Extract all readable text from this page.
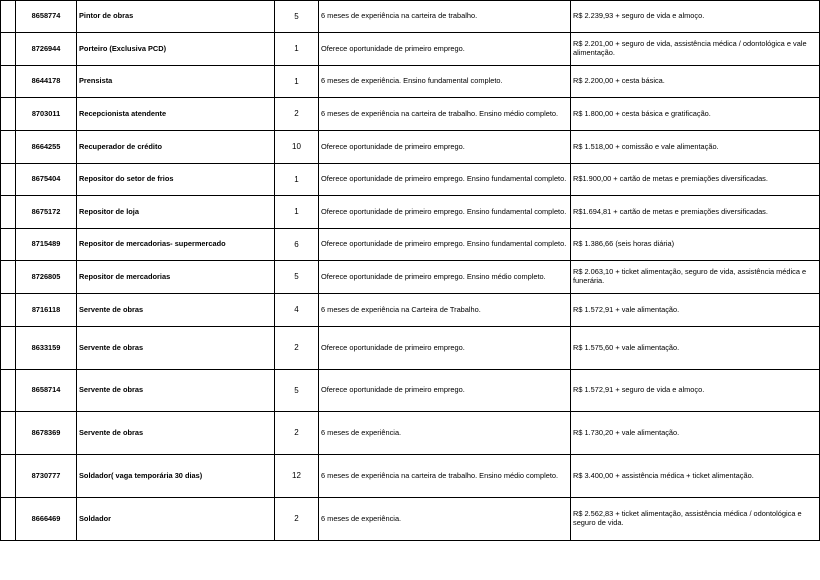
	8658774	Pintor de obras	5	6 meses de experiência na carteira de trabalho.	R$ 2.239,93 + seguro de vida e almoço.
	8726944	Porteiro (Exclusiva PCD)	1	Oferece oportunidade de primeiro emprego.	R$ 2.201,00 + seguro de vida, assistência médica / odontológica e vale alimentação.
	8644178	Prensista	1	6 meses de experiência. Ensino fundamental completo.	R$ 2.200,00 + cesta básica.
	8703011	Recepcionista atendente	2	6 meses de experiência na carteira de trabalho. Ensino médio completo.	R$ 1.800,00 + cesta básica e gratificação.
	8664255	Recuperador de crédito	10	Oferece oportunidade de primeiro emprego.	R$ 1.518,00 + comissão e vale alimentação.
	8675404	Repositor do setor de frios	1	Oferece oportunidade de primeiro emprego. Ensino fundamental completo.	R$1.900,00 + cartão de metas e premiações diversificadas.
	8675172	Repositor de loja	1	Oferece oportunidade de primeiro emprego. Ensino fundamental completo.	R$1.694,81 + cartão de metas e premiações diversificadas.
	8715489	Repositor de mercadorias- supermercado	6	Oferece oportunidade de primeiro emprego. Ensino fundamental completo.	R$ 1.386,66 (seis horas diária)
	8726805	Repositor de mercadorias	5	Oferece oportunidade de primeiro emprego. Ensino médio completo.	R$ 2.063,10 + ticket alimentação, seguro de vida, assistência médica e funerária.
	8716118	Servente de obras	4	6 meses de experiência na Carteira de Trabalho.	R$ 1.572,91 + vale alimentação.
	8633159	Servente de obras	2	Oferece oportunidade de primeiro emprego.	R$ 1.575,60 + vale alimentação.
	8658714	Servente de obras	5	Oferece oportunidade de primeiro emprego.	R$ 1.572,91 + seguro de vida e almoço.
	8678369	Servente de obras	2	6 meses de experiência.	R$ 1.730,20 + vale alimentação.
	8730777	Soldador( vaga temporária 30 dias)	12	6 meses de experiência na carteira de trabalho. Ensino médio completo.	R$ 3.400,00 + assistência médica + ticket alimentação.
	8666469	Soldador	2	6 meses de experiência.	R$ 2.562,83 + ticket alimentação, assistência médica / odontológica e seguro de vida.
